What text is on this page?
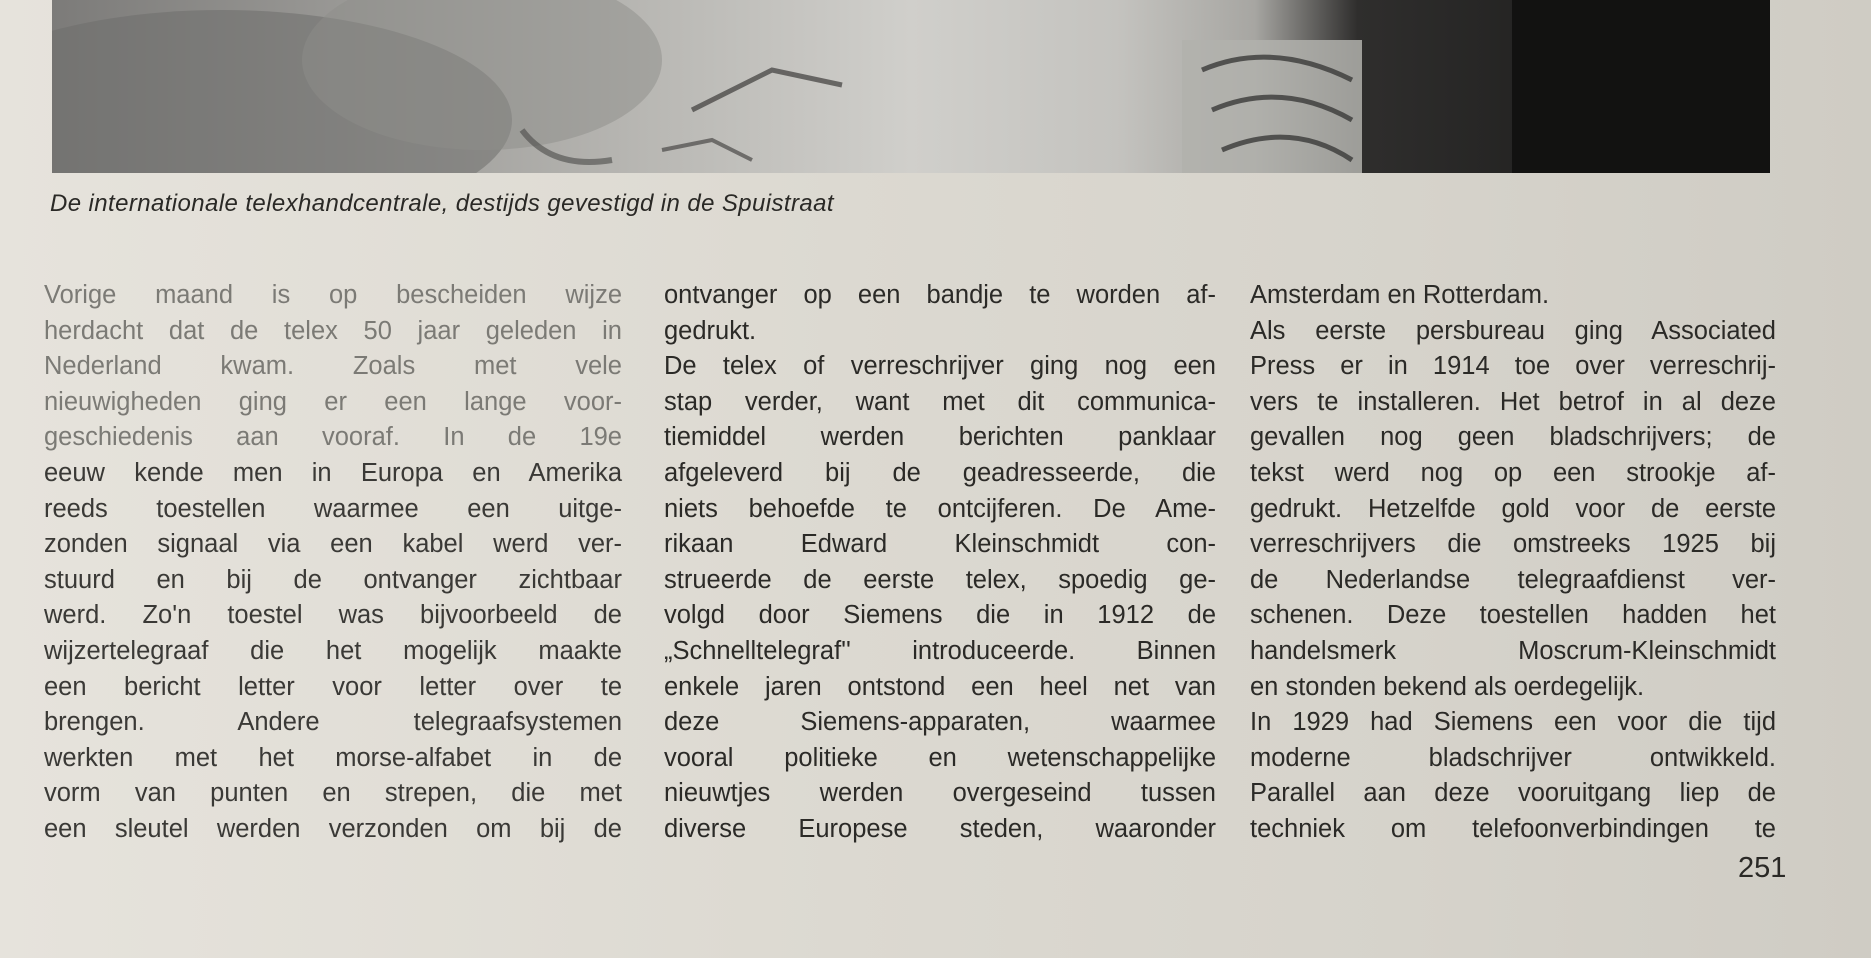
De internationale telexhandcentrale, destijds gevestigd in de Spuistraat
Vorige maand is op bescheiden wijze
herdacht dat de telex 50 jaar geleden in
Nederland kwam. Zoals met vele
nieuwigheden ging er een lange voor-
geschiedenis aan vooraf. In de 19e
eeuw kende men in Europa en Amerika
reeds toestellen waarmee een uitge-
zonden signaal via een kabel werd ver-
stuurd en bij de ontvanger zichtbaar
werd. Zo'n toestel was bijvoorbeeld de
wijzertelegraaf die het mogelijk maakte
een bericht letter voor letter over te
brengen. Andere telegraafsystemen
werkten met het morse-alfabet in de
vorm van punten en strepen, die met
een sleutel werden verzonden om bij de
ontvanger op een bandje te worden af-
gedrukt.
De telex of verreschrijver ging nog een
stap verder, want met dit communica-
tiemiddel werden berichten panklaar
afgeleverd bij de geadresseerde, die
niets behoefde te ontcijferen. De Ame-
rikaan Edward Kleinschmidt con-
strueerde de eerste telex, spoedig ge-
volgd door Siemens die in 1912 de
„Schnelltelegraf'' introduceerde. Binnen
enkele jaren ontstond een heel net van
deze Siemens-apparaten, waarmee
vooral politieke en wetenschappelijke
nieuwtjes werden overgeseind tussen
diverse Europese steden, waaronder
Amsterdam en Rotterdam.
Als eerste persbureau ging Associated
Press er in 1914 toe over verreschrij-
vers te installeren. Het betrof in al deze
gevallen nog geen bladschrijvers; de
tekst werd nog op een strookje af-
gedrukt. Hetzelfde gold voor de eerste
verreschrijvers die omstreeks 1925 bij
de Nederlandse telegraafdienst ver-
schenen. Deze toestellen hadden het
handelsmerk Moscrum-Kleinschmidt
en stonden bekend als oerdegelijk.
In 1929 had Siemens een voor die tijd
moderne bladschrijver ontwikkeld.
Parallel aan deze vooruitgang liep de
techniek om telefoonverbindingen te
251
